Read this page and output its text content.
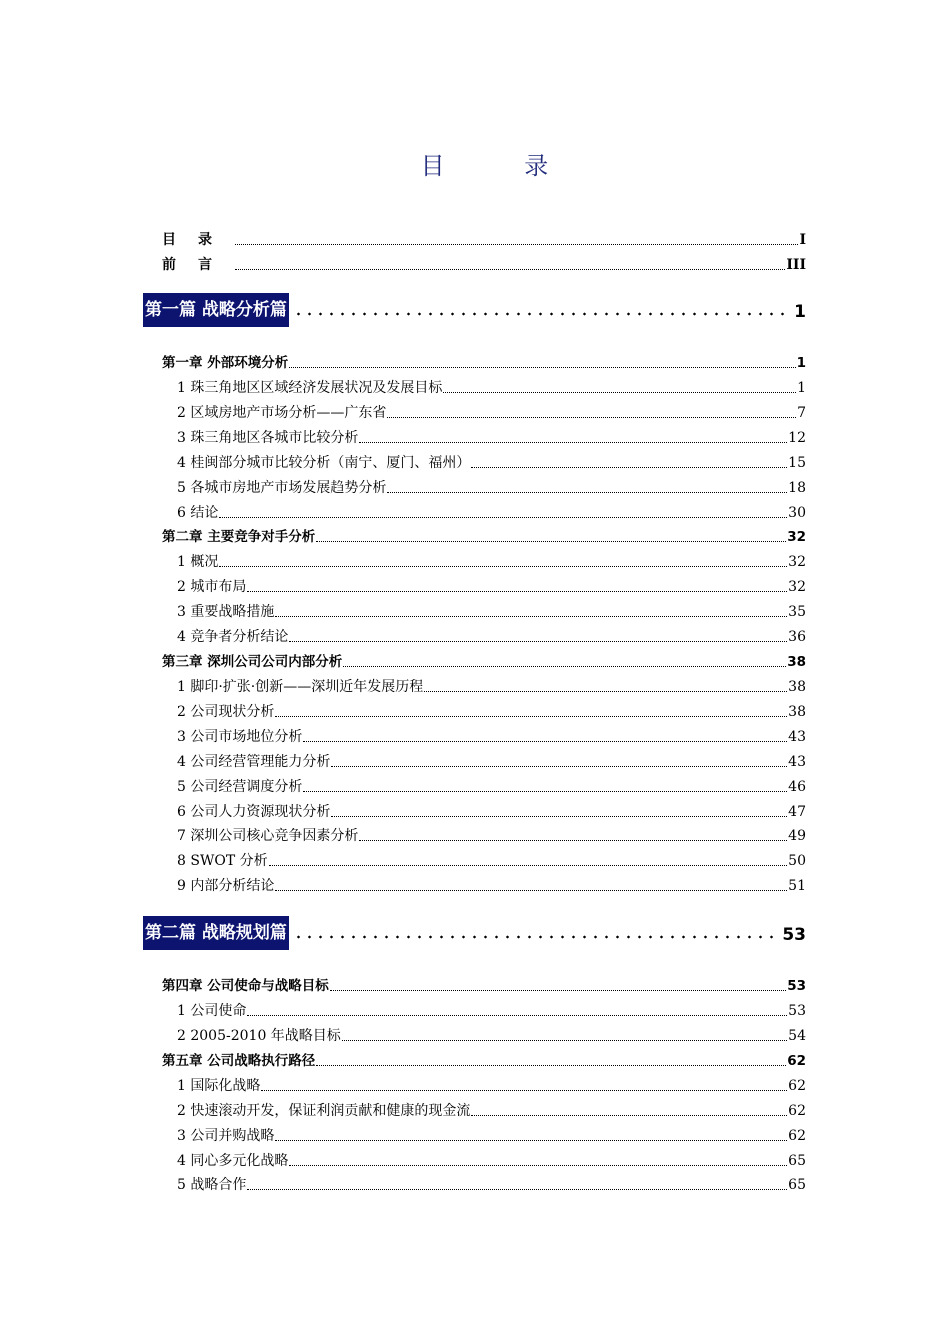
目 录
目录	I
前言	III
第一篇 战略分析篇	1
第一章 外部环境分析	1
1 珠三角地区区域经济发展状况及发展目标	1
2 区域房地产市场分析——广东省	7
3 珠三角地区各城市比较分析	12
4 桂闽部分城市比较分析（南宁、厦门、福州）	15
5 各城市房地产市场发展趋势分析	18
6 结论	30
第二章 主要竞争对手分析	32
1 概况	32
2 城市布局	32
3 重要战略措施	35
4 竞争者分析结论	36
第三章 深圳公司公司内部分析	38
1 脚印·扩张·创新——深圳近年发展历程	38
2 公司现状分析	38
3 公司市场地位分析	43
4 公司经营管理能力分析	43
5 公司经营调度分析	46
6 公司人力资源现状分析	47
7 深圳公司核心竞争因素分析	49
8 SWOT 分析	50
9 内部分析结论	51
第二篇 战略规划篇	53
第四章 公司使命与战略目标	53
1 公司使命	53
2 2005-2010 年战略目标	54
第五章 公司战略执行路径	62
1 国际化战略	62
2 快速滚动开发，保证利润贡献和健康的现金流	62
3 公司并购战略	62
4 同心多元化战略	65
5 战略合作	65
